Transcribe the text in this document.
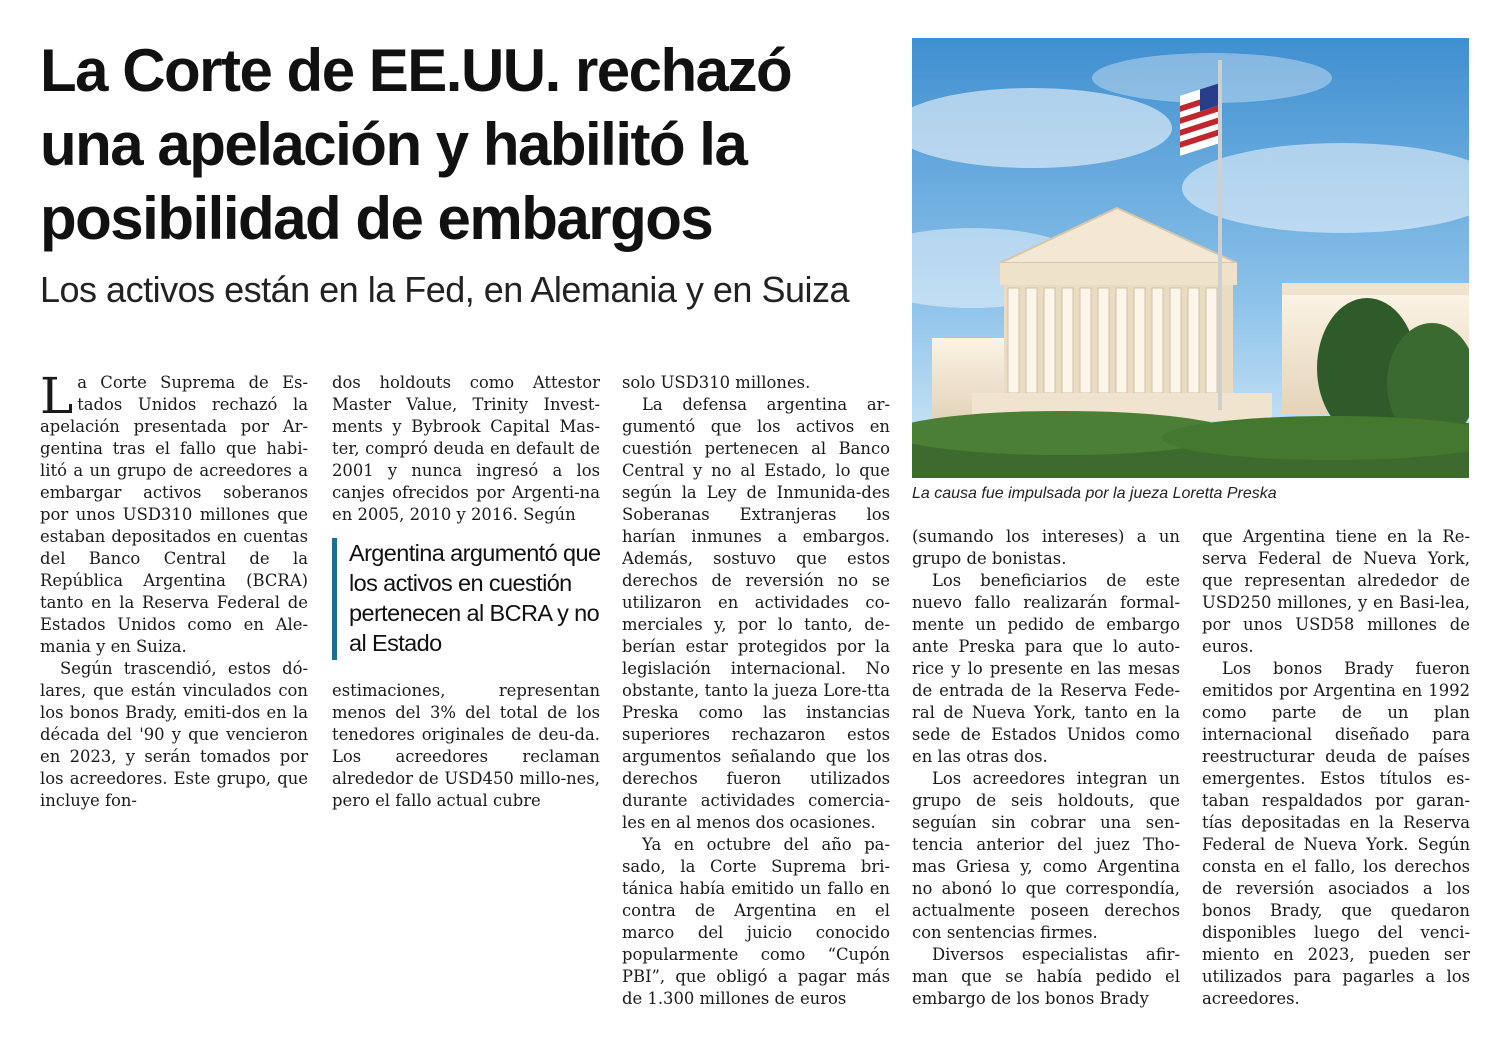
La Corte de EE.UU. rechazó una apelación y habilitó la posibilidad de embargos
Los activos están en la Fed, en Alemania y en Suiza
La causa fue impulsada por la jueza Loretta Preska

La Corte Suprema de Es-tados Unidos rechazó la apelación presentada por Ar-gentina tras el fallo que habi-litó a un grupo de acreedores a embargar activos soberanos por unos USD310 millones que estaban depositados en cuentas del Banco Central de la República Argentina (BCRA) tanto en la Reserva Federal de Estados Unidos como en Ale-mania y en Suiza.

Según trascendió, estos dó-lares, que están vinculados con los bonos Brady, emiti-dos en la década del '90 y que vencieron en 2023, y serán tomados por los acreedores. Este grupo, que incluye fon-

dos holdouts como Attestor Master Value, Trinity Invest-ments y Bybrook Capital Mas-ter, compró deuda en default de 2001 y nunca ingresó a los canjes ofrecidos por Argenti-na en 2005, 2010 y 2016. Según

Argentina argumentó que los activos en cuestión pertenecen al BCRA y no al Estado

estimaciones, representan menos del 3% del total de los tenedores originales de deu-da. Los acreedores reclaman alrededor de USD450 millo-nes, pero el fallo actual cubre

solo USD310 millones.

La defensa argentina ar-gumentó que los activos en cuestión pertenecen al Banco Central y no al Estado, lo que según la Ley de Inmunida-des Soberanas Extranjeras los harían inmunes a embargos. Además, sostuvo que estos derechos de reversión no se utilizaron en actividades co-merciales y, por lo tanto, de-berían estar protegidos por la legislación internacional. No obstante, tanto la jueza Lore-tta Preska como las instancias superiores rechazaron estos argumentos señalando que los derechos fueron utilizados durante actividades comercia-les en al menos dos ocasiones.

Ya en octubre del año pa-sado, la Corte Suprema bri-tánica había emitido un fallo en contra de Argentina en el marco del juicio conocido popularmente como “Cupón PBI”, que obligó a pagar más de 1.300 millones de euros

(sumando los intereses) a un grupo de bonistas.

Los beneficiarios de este nuevo fallo realizarán formal-mente un pedido de embargo ante Preska para que lo auto-rice y lo presente en las mesas de entrada de la Reserva Fede-ral de Nueva York, tanto en la sede de Estados Unidos como en las otras dos.

Los acreedores integran un grupo de seis holdouts, que seguían sin cobrar una sen-tencia anterior del juez Tho-mas Griesa y, como Argentina no abonó lo que correspondía, actualmente poseen derechos con sentencias firmes.

Diversos especialistas afir-man que se había pedido el embargo de los bonos Brady

que Argentina tiene en la Re-serva Federal de Nueva York, que representan alrededor de USD250 millones, y en Basi-lea, por unos USD58 millones de euros.

Los bonos Brady fueron emitidos por Argentina en 1992 como parte de un plan internacional diseñado para reestructurar deuda de países emergentes. Estos títulos es-taban respaldados por garan-tías depositadas en la Reserva Federal de Nueva York. Según consta en el fallo, los derechos de reversión asociados a los bonos Brady, que quedaron disponibles luego del venci-miento en 2023, pueden ser utilizados para pagarles a los acreedores.
